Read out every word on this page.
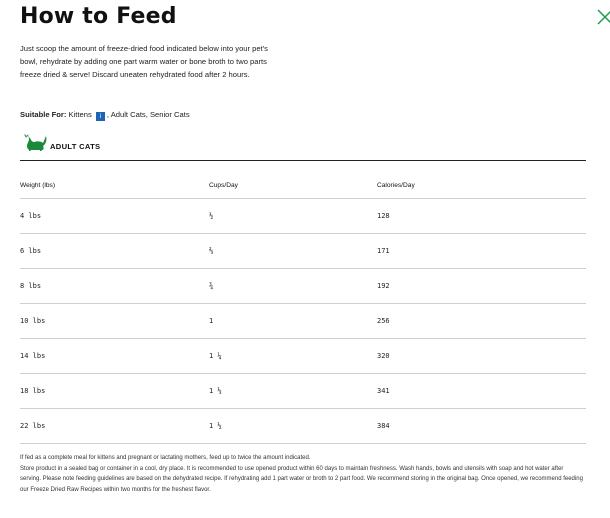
How to Feed
Just scoop the amount of freeze-dried food indicated below into your pet's bowl, rehydrate by adding one part warm water or bone broth to two parts freeze dried & serve! Discard uneaten rehydrated food after 2 hours.
Suitable For: Kittens i , Adult Cats, Senior Cats
ADULT CATS
Weight (lbs)	Cups/Day	Calories/Day
4 lbs	½	128
6 lbs	⅔	171
8 lbs	¾	192
10 lbs	1	256
14 lbs	1 ¼	320
18 lbs	1 ⅓	341
22 lbs	1 ½	384

If fed as a complete meal for kittens and pregnant or lactating mothers, feed up to twice the amount indicated.

Store product in a sealed bag or container in a cool, dry place. It is recommended to use opened product within 60 days to maintain freshness. Wash hands, bowls and utensils with soap and hot water after serving. Please note feeding guidelines are based on the dehydrated recipe. If rehydrating add 1 part water or broth to 2 part food. We recommend storing in the original bag. Once opened, we recommend feeding our Freeze Dried Raw Recipes within two months for the freshest flavor.
